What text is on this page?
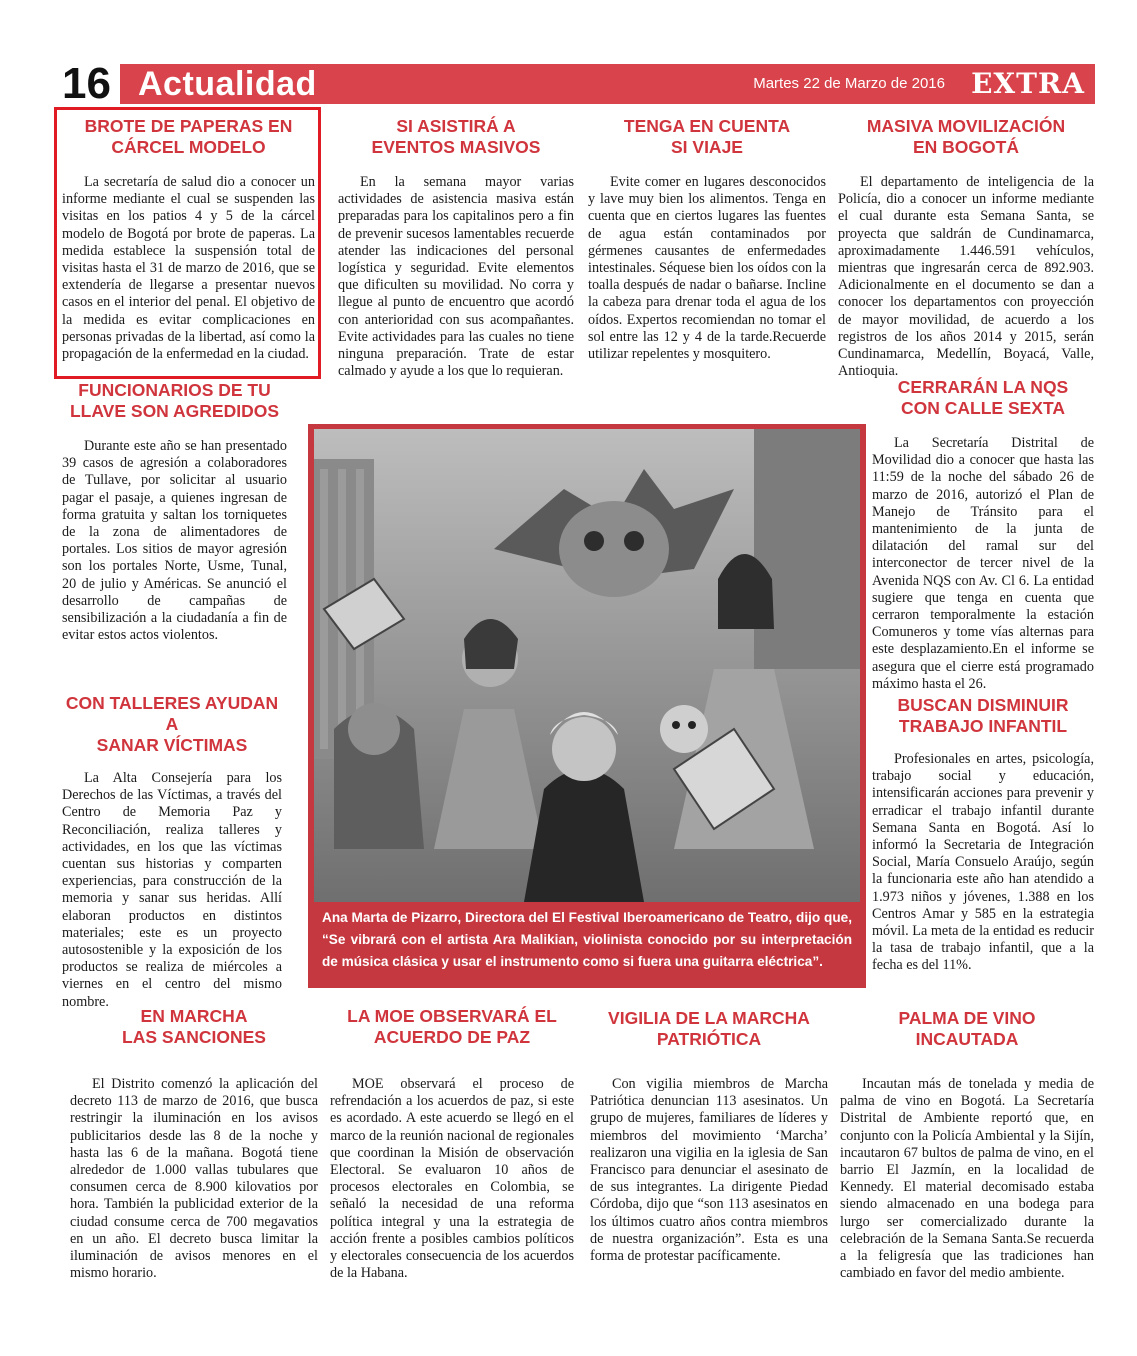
16 Actualidad	Martes 22 de Marzo de 2016 EXTRA
BROTE DE PAPERAS EN
CÁRCEL MODELO

La secretaría de salud dio a conocer un informe mediante el cual se suspenden las visitas en los patios 4 y 5 de la cárcel modelo de Bogotá por brote de paperas. La medida establece la suspensión total de visitas hasta el 31 de marzo de 2016, que se extendería de llegarse a presentar nuevos casos en el interior del penal. El objetivo de la medida es evitar complicaciones en personas privadas de la libertad, así como la propagación de la enfermedad en la ciudad.

SI ASISTIRÁ A
EVENTOS MASIVOS

En la semana mayor varias actividades de asistencia masiva están preparadas para los capitalinos pero a fin de prevenir sucesos lamentables recuerde atender las indicaciones del personal logística y seguridad. Evite elementos que dificulten su movilidad. No corra y llegue al punto de encuentro que acordó con anterioridad con sus acompañantes. Evite actividades para las cuales no tiene ninguna preparación. Trate de estar calmado y ayude a los que lo requieran.

TENGA EN CUENTA
SI VIAJE

Evite comer en lugares desconocidos y lave muy bien los alimentos. Tenga en cuenta que en ciertos lugares las fuentes de agua están contaminados por gérmenes causantes de enfermedades intestinales. Séquese bien los oídos con la toalla después de nadar o bañarse. Incline la cabeza para drenar toda el agua de los oídos. Expertos recomiendan no tomar el sol entre las 12 y 4 de la tarde.Recuerde utilizar repelentes y mosquitero.

MASIVA MOVILIZACIÓN
EN BOGOTÁ

El departamento de inteligencia de la Policía, dio a conocer un informe mediante el cual durante esta Semana Santa, se proyecta que saldrán de Cundinamarca, aproximadamente 1.446.591 vehículos, mientras que ingresarán cerca de 892.903. Adicionalmente en el documento se dan a conocer los departamentos con proyección de mayor movilidad, de acuerdo a los registros de los años 2014 y 2015, serán Cundinamarca, Medellín, Boyacá, Valle, Antioquia.

FUNCIONARIOS DE TU
LLAVE SON AGREDIDOS

Durante este año se han presentado 39 casos de agresión a colaboradores de Tullave, por solicitar al usuario pagar el pasaje, a quienes ingresan de forma gratuita y saltan los torniquetes de la zona de alimentadores de portales. Los sitios de mayor agresión son los portales Norte, Usme, Tunal, 20 de julio y Américas. Se anunció el desarrollo de campañas de sensibilización a la ciudadanía a fin de evitar estos actos violentos.

CON TALLERES AYUDAN A
SANAR VÍCTIMAS

La Alta Consejería para los Derechos de las Víctimas, a través del Centro de Memoria Paz y Reconciliación, realiza talleres y actividades, en los que las víctimas cuentan sus historias y comparten experiencias, para construcción de la memoria y sanar sus heridas. Allí elaboran productos en distintos materiales; este es un proyecto autosostenible y la exposición de los productos se realiza de miércoles a viernes en el centro del mismo nombre.

CERRARÁN LA NQS
CON CALLE SEXTA

La Secretaría Distrital de Movilidad dio a conocer que hasta las 11:59 de la noche del sábado 26 de marzo de 2016, autorizó el Plan de Manejo de Tránsito para el mantenimiento de la junta de dilatación del ramal sur del interconector de tercer nivel de la Avenida NQS con Av. Cl 6. La entidad sugiere que tenga en cuenta que cerraron temporalmente la estación Comuneros y tome vías alternas para este desplazamiento.En el informe se asegura que el cierre está programado máximo hasta el 26.

BUSCAN DISMINUIR
TRABAJO INFANTIL

Profesionales en artes, psicología, trabajo social y educación, intensificarán acciones para prevenir y erradicar el trabajo infantil durante Semana Santa en Bogotá. Así lo informó la Secretaria de Integración Social, María Consuelo Araújo, según la funcionaria este año han atendido a 1.973 niños y jóvenes, 1.388 en los Centros Amar y 585 en la estrategia móvil. La meta de la entidad es reducir la tasa de trabajo infantil, que a la fecha es del 11%.

Ana Marta de Pizarro, Directora del El Festival Iberoamericano de Teatro, dijo que, “Se vibrará con el artista Ara Malikian, violinista conocido por su interpretación de música clásica y usar el instrumento como si fuera una guitarra eléctrica”.
EN MARCHA
LAS SANCIONES

El Distrito comenzó la aplicación del decreto 113 de marzo de 2016, que busca restringir la iluminación en los avisos publicitarios desde las 8 de la noche y hasta las 6 de la mañana. Bogotá tiene alrededor de 1.000 vallas tubulares que consumen cerca de 8.900 kilovatios por hora. También la publicidad exterior de la ciudad consume cerca de 700 megavatios en un año. El decreto busca limitar la iluminación de avisos menores en el mismo horario.

LA MOE OBSERVARÁ EL
ACUERDO DE PAZ

MOE observará el proceso de refrendación a los acuerdos de paz, si este es acordado. A este acuerdo se llegó en el marco de la reunión nacional de regionales que coordinan la Misión de observación Electoral. Se evaluaron 10 años de procesos electorales en Colombia, se señaló la necesidad de una reforma política integral y una la estrategia de acción frente a posibles cambios políticos y electorales consecuencia de los acuerdos de la Habana.

VIGILIA DE LA MARCHA
PATRIÓTICA

Con vigilia miembros de Marcha Patriótica denuncian 113 asesinatos. Un grupo de mujeres, familiares de líderes y miembros del movimiento ‘Marcha’ realizaron una vigilia en la iglesia de San Francisco para denunciar el asesinato de de sus integrantes. La dirigente Piedad Córdoba, dijo que “son 113 asesinatos en los últimos cuatro años contra miembros de nuestra organización”. Esta es una forma de protestar pacíficamente.

PALMA DE VINO
INCAUTADA

Incautan más de tonelada y media de palma de vino en Bogotá. La Secretaría Distrital de Ambiente reportó que, en conjunto con la Policía Ambiental y la Sijín, incautaron 67 bultos de palma de vino, en el barrio El Jazmín, en la localidad de Kennedy. El material decomisado estaba siendo almacenado en una bodega para lurgo ser comercializado durante la celebración de la Semana Santa.Se recuerda a la feligresía que las tradiciones han cambiado en favor del medio ambiente.
